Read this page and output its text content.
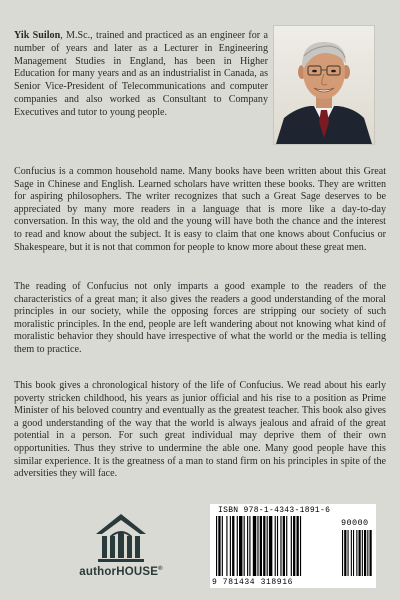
Yik Suilon, M.Sc., trained and practiced as an engineer for a number of years and later as a Lecturer in Engineering Management Studies in England, has been in Higher Education for many years and as an industrialist in Canada, as Senior Vice-President of Telecommunications and computer companies and also worked as Consultant to Company Executives and tutor to young people.

Confucius is a common household name. Many books have been written about this Great Sage in Chinese and English. Learned scholars have written these books. They are written for aspiring philosophers. The writer recognizes that such a Great Sage deserves to be appreciated by many more readers in a language that is more like a day-to-day conversation. In this way, the old and the young will have both the chance and the interest to read and know about the subject. It is easy to claim that one knows about Confucius or Shakespeare, but it is not that common for people to know more about these great men.

The reading of Confucius not only imparts a good example to the readers of the characteristics of a great man; it also gives the readers a good understanding of the moral principles in our society, while the opposing forces are stripping our society of such moralistic principles. In the end, people are left wandering about not knowing what kind of moralistic behavior they should have irrespective of what the world or the media is telling them to practice.

This book gives a chronological history of the life of Confucius. We read about his early poverty stricken childhood, his years as junior official and his rise to a position as Prime Minister of his beloved country and eventually as the greatest teacher. This book also gives a good understanding of the way that the world is always jealous and afraid of the great potential in a person. For such great individual may deprive them of their own opportunities. Thus they strive to undermine the able one. Many good people have this similar experience. It is the greatness of a man to stand firm on his principles in spite of the adversities they will face.

authorHOUSE®
ISBN 978-1-4343-1891-6
90000
9 781434 318916
